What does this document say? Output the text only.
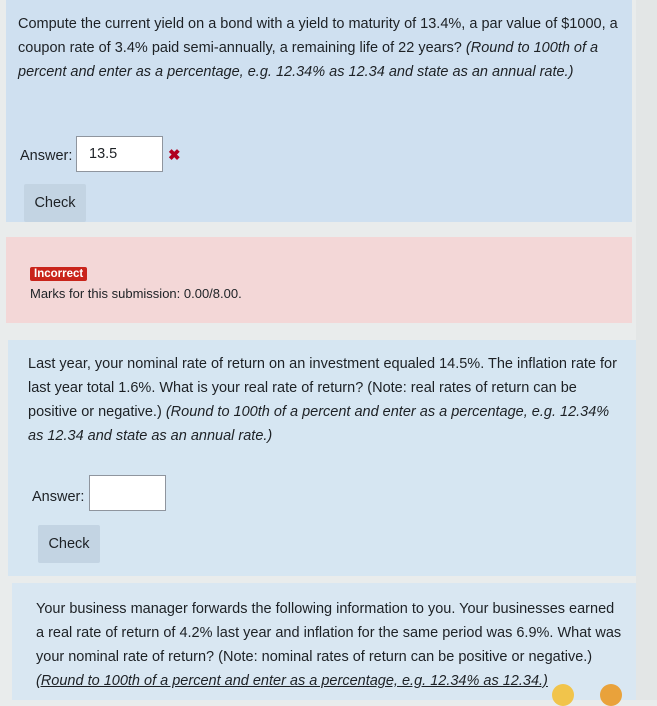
Compute the current yield on a bond with a yield to maturity of 13.4%, a par value of $1000, a coupon rate of 3.4% paid semi-annually, a remaining life of 22 years? (Round to 100th of a percent and enter as a percentage, e.g. 12.34% as 12.34 and state as an annual rate.)
Answer:	13.5	✖
Check
Incorrect
Marks for this submission: 0.00/8.00.
Last year, your nominal rate of return on an investment equaled 14.5%. The inflation rate for last year total 1.6%. What is your real rate of return? (Note: real rates of return can be positive or negative.) (Round to 100th of a percent and enter as a percentage, e.g. 12.34% as 12.34 and state as an annual rate.)
Answer:
Check
Your business manager forwards the following information to you. Your businesses earned a real rate of return of 4.2% last year and inflation for the same period was 6.9%. What was your nominal rate of return? (Note: nominal rates of return can be positive or negative.)(Round to 100th of a percent and enter as a percentage, e.g. 12.34% as 12.34.)
